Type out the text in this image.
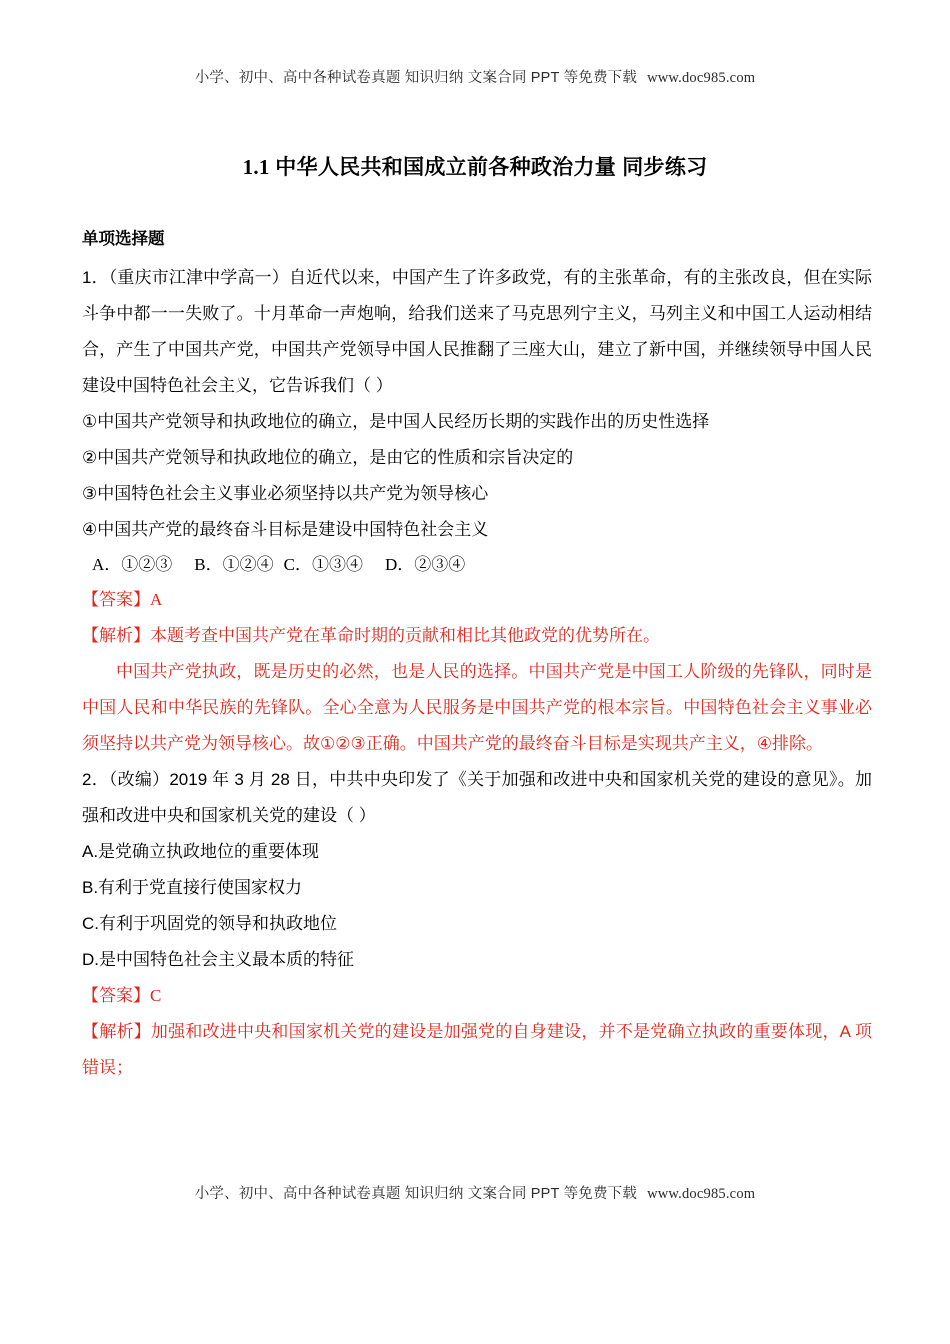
小学、初中、高中各种试卷真题 知识归纳 文案合同 PPT 等免费下载 www.doc985.com
1.1 中华人民共和国成立前各种政治力量 同步练习

单项选择题

1．（重庆市江津中学高一）自近代以来，中国产生了许多政党，有的主张革命，有的主张改良，但在实际斗争中都一一失败了。十月革命一声炮响，给我们送来了马克思列宁主义，马列主义和中国工人运动相结合，产生了中国共产党，中国共产党领导中国人民推翻了三座大山，建立了新中国，并继续领导中国人民建设中国特色社会主义，它告诉我们（ ）

①中国共产党领导和执政地位的确立，是中国人民经历长期的实践作出的历史性选择

②中国共产党领导和执政地位的确立，是由它的性质和宗旨决定的

③中国特色社会主义事业必须坚持以共产党为领导核心

④中国共产党的最终奋斗目标是建设中国特色社会主义

A．①②③ B．①②④ C．①③④ D．②③④

【答案】A

【解析】本题考查中国共产党在革命时期的贡献和相比其他政党的优势所在。

中国共产党执政，既是历史的必然，也是人民的选择。中国共产党是中国工人阶级的先锋队，同时是中国人民和中华民族的先锋队。全心全意为人民服务是中国共产党的根本宗旨。中国特色社会主义事业必须坚持以共产党为领导核心。故①②③正确。中国共产党的最终奋斗目标是实现共产主义，④排除。

2．（改编）2019 年 3 月 28 日，中共中央印发了《关于加强和改进中央和国家机关党的建设的意见》。加强和改进中央和国家机关党的建设（ ）

A.是党确立执政地位的重要体现

B.有利于党直接行使国家权力

C.有利于巩固党的领导和执政地位

D.是中国特色社会主义最本质的特征

【答案】C

【解析】加强和改进中央和国家机关党的建设是加强党的自身建设，并不是党确立执政的重要体现，A 项错误；

小学、初中、高中各种试卷真题 知识归纳 文案合同 PPT 等免费下载 www.doc985.com
